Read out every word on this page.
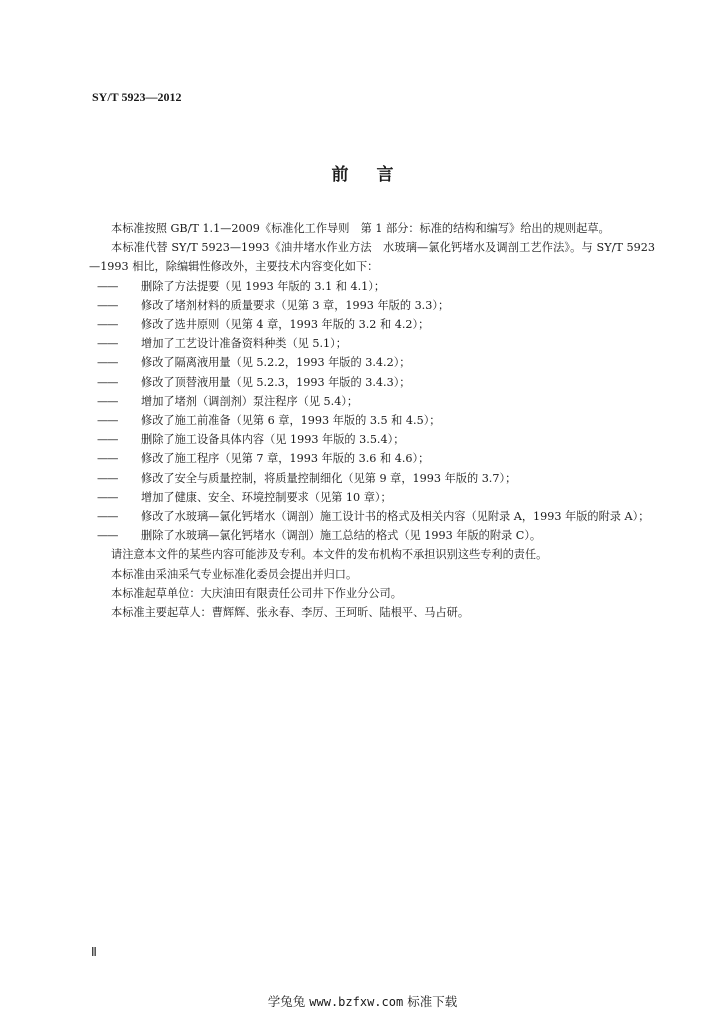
SY/T 5923—2012
前言
本标准按照 GB/T 1.1—2009《标准化工作导则　第 1 部分：标准的结构和编写》给出的规则起草。
本标准代替 SY/T 5923—1993《油井堵水作业方法　水玻璃—氯化钙堵水及调剖工艺作法》。与 SY/T 5923—1993 相比，除编辑性修改外，主要技术内容变化如下：
—— 删除了方法提要（见 1993 年版的 3.1 和 4.1）；
—— 修改了堵剂材料的质量要求（见第 3 章，1993 年版的 3.3）；
—— 修改了选井原则（见第 4 章，1993 年版的 3.2 和 4.2）；
—— 增加了工艺设计准备资料种类（见 5.1）；
—— 修改了隔离液用量（见 5.2.2，1993 年版的 3.4.2）；
—— 修改了顶替液用量（见 5.2.3，1993 年版的 3.4.3）；
—— 增加了堵剂（调剖剂）泵注程序（见 5.4）；
—— 修改了施工前准备（见第 6 章，1993 年版的 3.5 和 4.5）；
—— 删除了施工设备具体内容（见 1993 年版的 3.5.4）；
—— 修改了施工程序（见第 7 章，1993 年版的 3.6 和 4.6）；
—— 修改了安全与质量控制，将质量控制细化（见第 9 章，1993 年版的 3.7）；
—— 增加了健康、安全、环境控制要求（见第 10 章）；
—— 修改了水玻璃—氯化钙堵水（调剖）施工设计书的格式及相关内容（见附录 A，1993 年版的附录 A）；
—— 删除了水玻璃—氯化钙堵水（调剖）施工总结的格式（见 1993 年版的附录 C）。
请注意本文件的某些内容可能涉及专利。本文件的发布机构不承担识别这些专利的责任。
本标准由采油采气专业标准化委员会提出并归口。
本标准起草单位：大庆油田有限责任公司井下作业分公司。
本标准主要起草人：曹辉辉、张永春、李厉、王珂昕、陆根平、马占研。
Ⅱ
学兔兔 www.bzfxw.com 标准下载
